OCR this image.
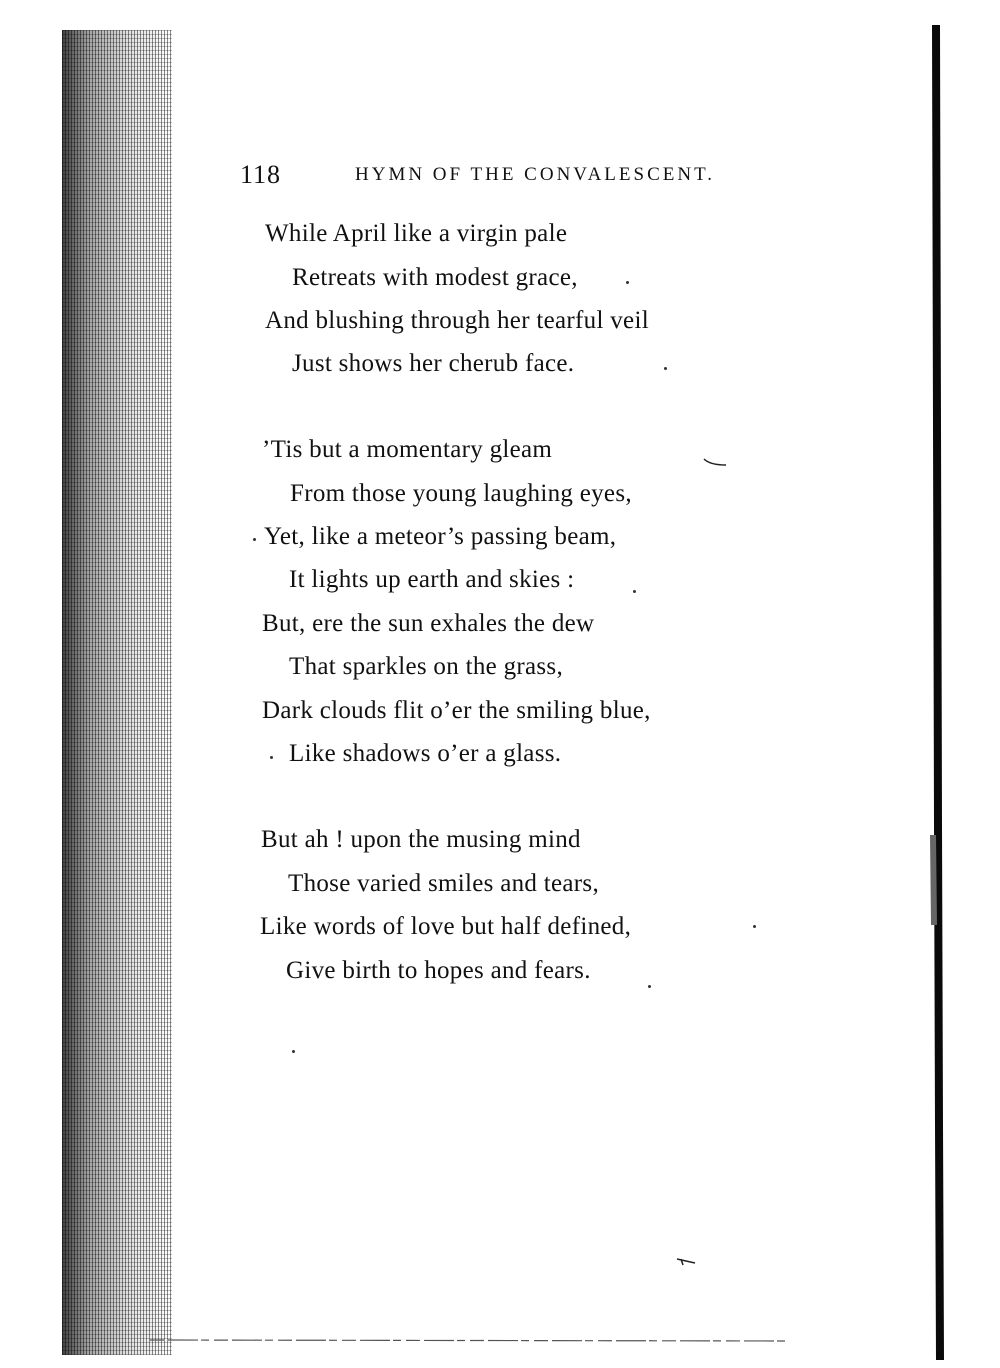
118	HYMN OF THE CONVALESCENT.
While April like a virgin pale
Retreats with modest grace,
And blushing through her tearful veil
Just shows her cherub face.
’Tis but a momentary gleam
From those young laughing eyes,
Yet, like a meteor’s passing beam,
It lights up earth and skies :
But, ere the sun exhales the dew
That sparkles on the grass,
Dark clouds flit o’er the smiling blue,
Like shadows o’er a glass.
But ah ! upon the musing mind
Those varied smiles and tears,
Like words of love but half defined,
Give birth to hopes and fears.
